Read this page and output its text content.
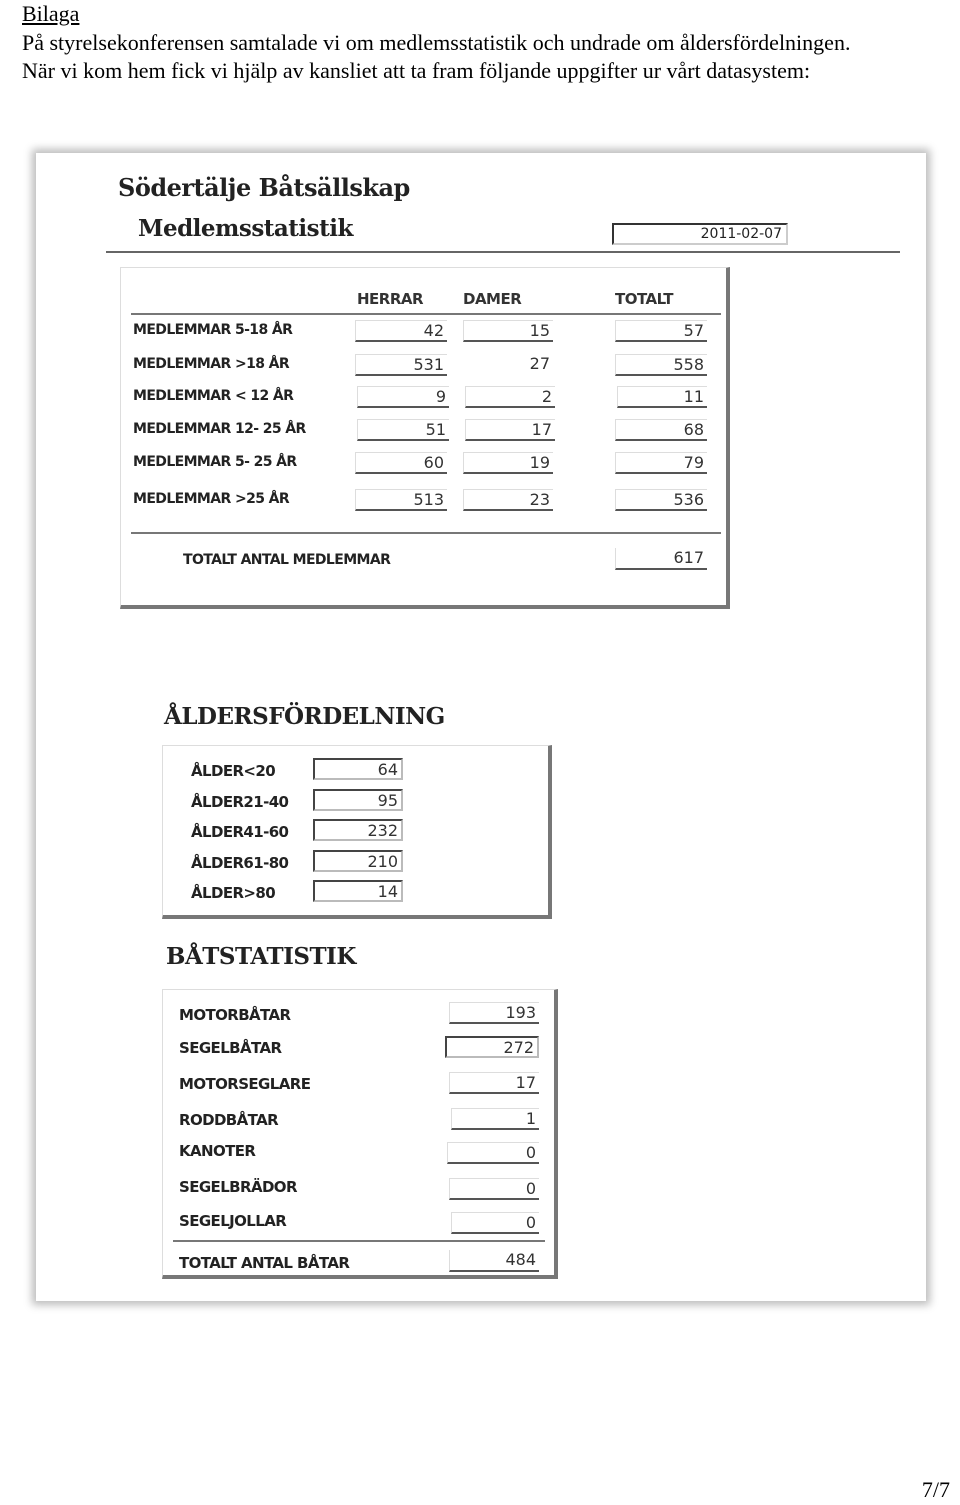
Bilaga
På styrelsekonferensen samtalade vi om medlemsstatistik och undrade om åldersfördelningen.
När vi kom hem fick vi hjälp av kansliet att ta fram följande uppgifter ur vårt datasystem:
Södertälje Båtsällskap
Medlemsstatistik	2011-02-07
HERRAR	DAMER	TOTALT
MEDLEMMAR 5-18 ÅR	42	15	57
MEDLEMMAR >18 ÅR	531	27	558
MEDLEMMAR < 12 ÅR	9	2	11
MEDLEMMAR 12- 25 ÅR	51	17	68
MEDLEMMAR 5- 25 ÅR	60	19	79
MEDLEMMAR >25 ÅR	513	23	536
TOTALT ANTAL MEDLEMMAR	617
ÅLDERSFÖRDELNING
ÅLDER<20	64
ÅLDER21-40	95
ÅLDER41-60	232
ÅLDER61-80	210
ÅLDER>80	14
BÅTSTATISTIK
MOTORBÅTAR	193
SEGELBÅTAR	272
MOTORSEGLARE	17
RODDBÅTAR	1
KANOTER	0
SEGELBRÄDOR	0
SEGELJOLLAR	0
TOTALT ANTAL BÅTAR	484
7/7
